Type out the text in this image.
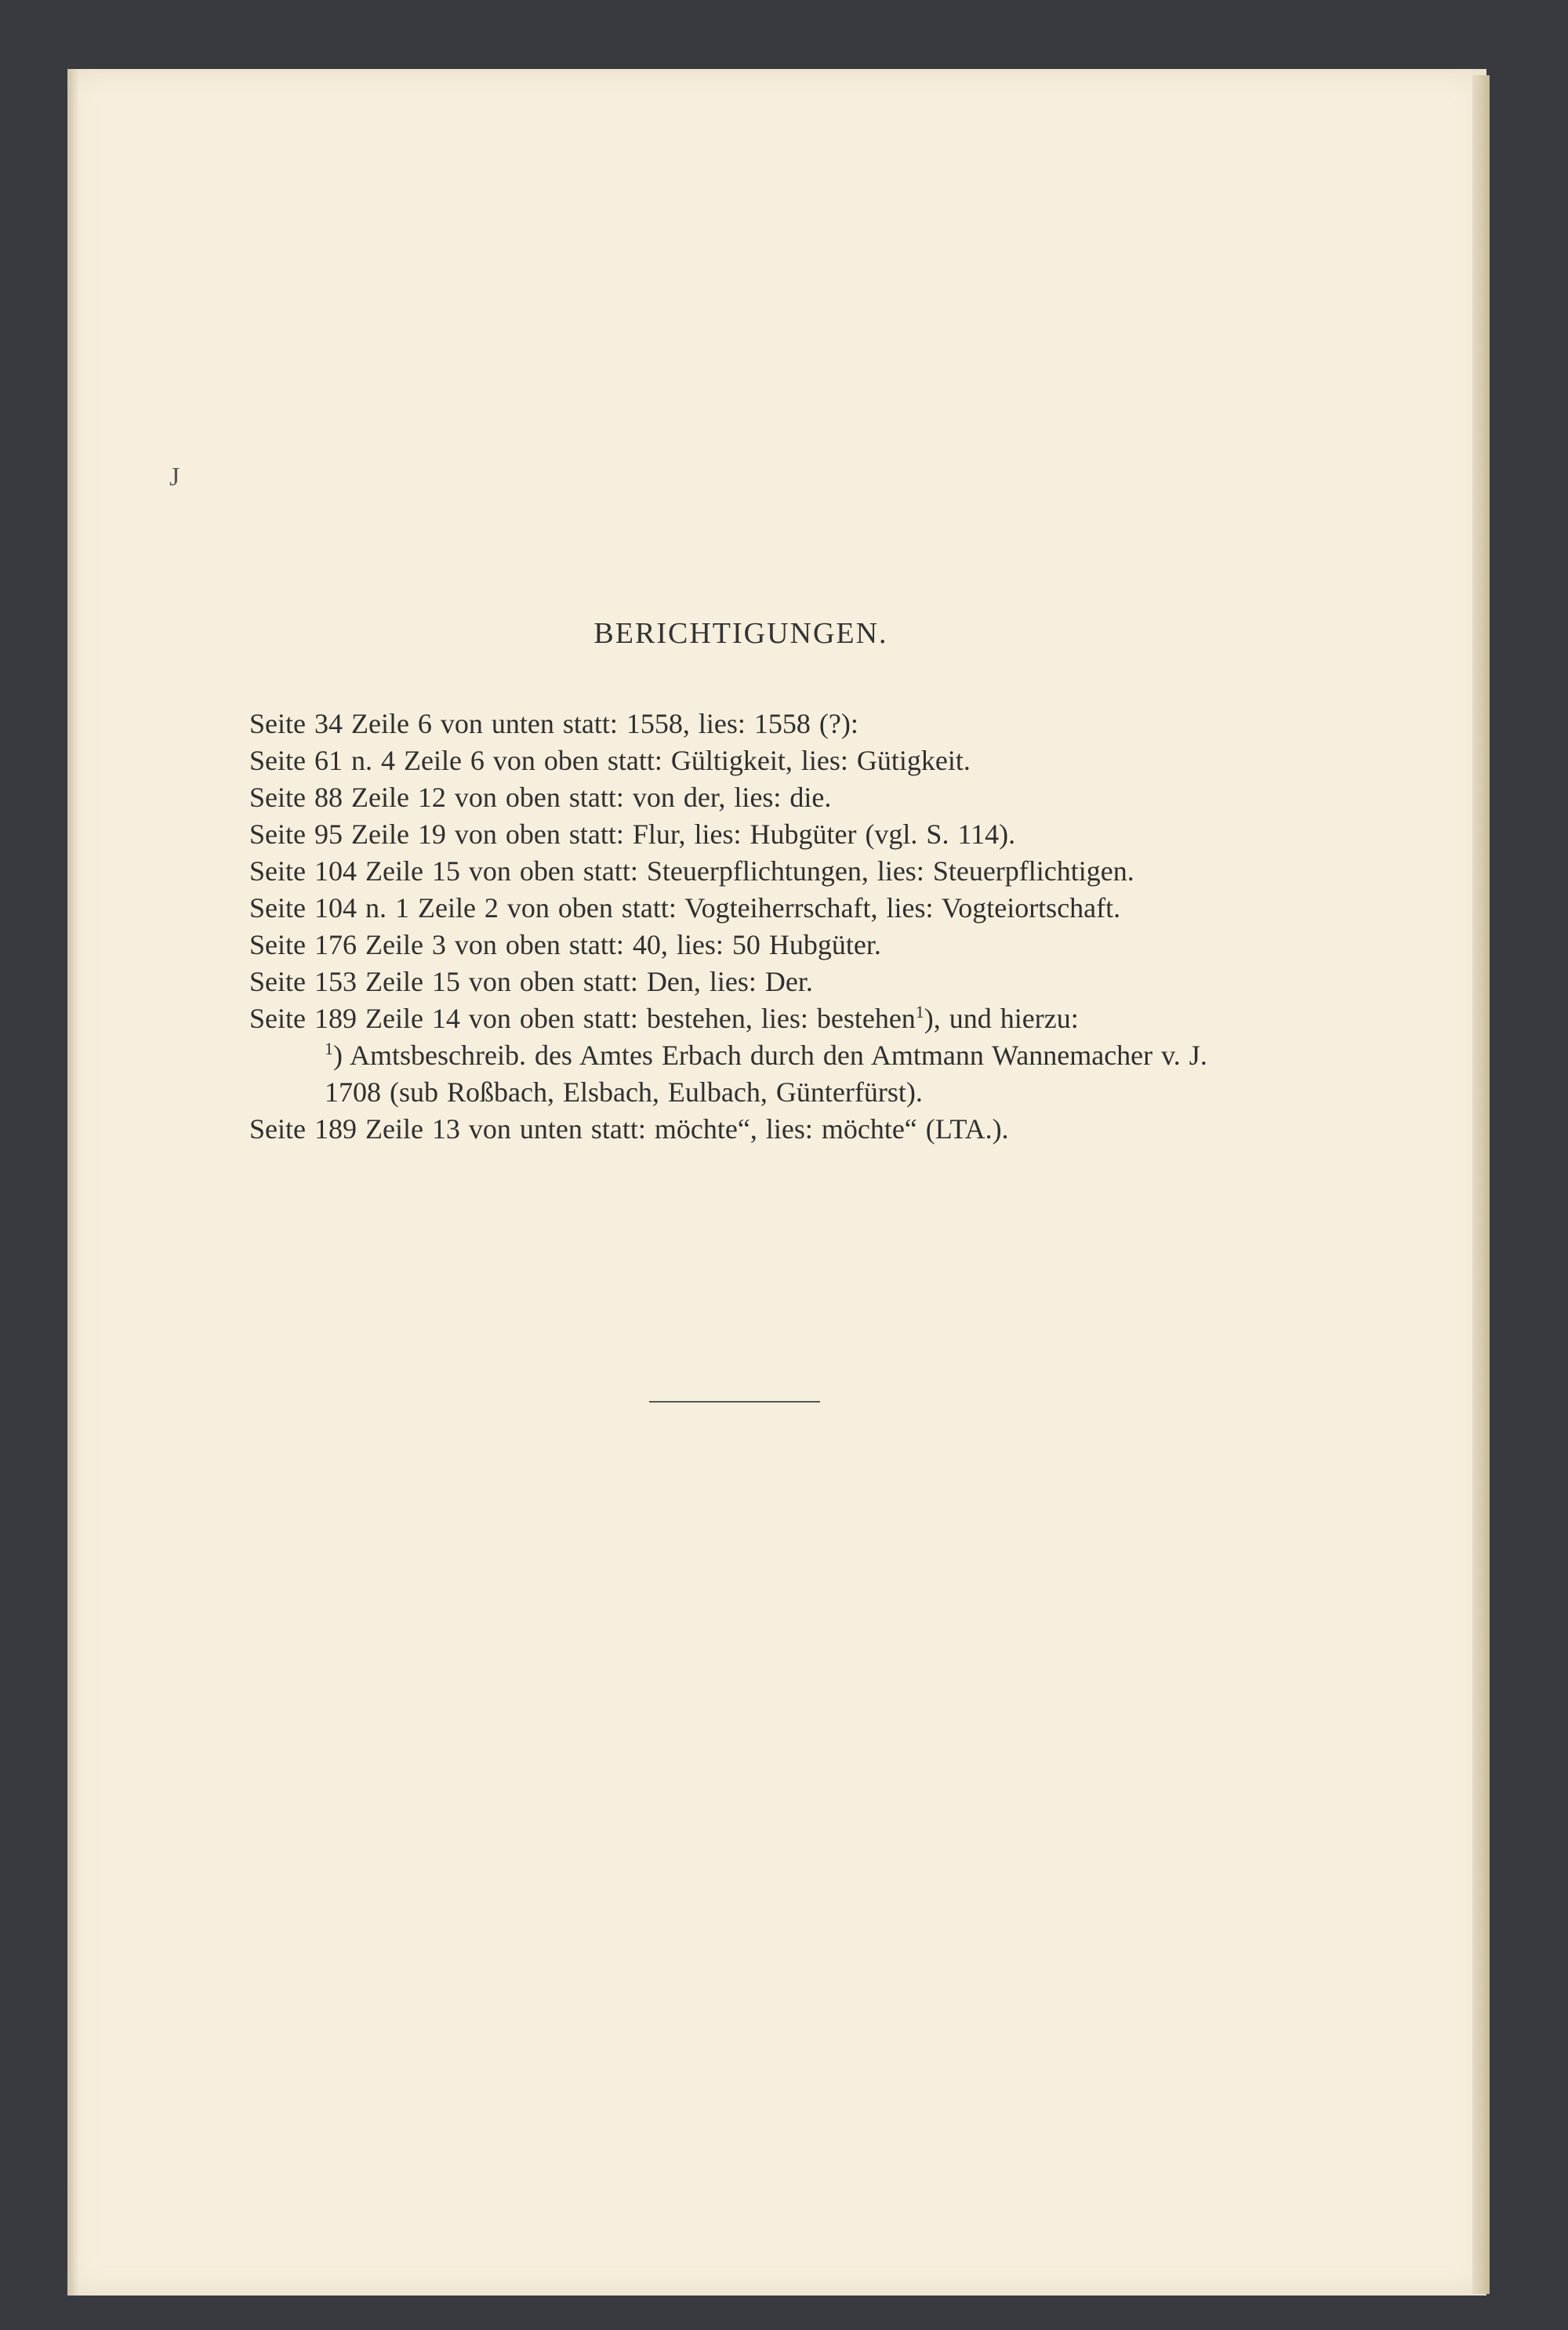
J
BERICHTIGUNGEN.
Seite 34 Zeile 6 von unten statt: 1558, lies: 1558 (?):
Seite 61 n. 4 Zeile 6 von oben statt: Gültigkeit, lies: Gütigkeit.
Seite 88 Zeile 12 von oben statt: von der, lies: die.
Seite 95 Zeile 19 von oben statt: Flur, lies: Hubgüter (vgl. S. 114).
Seite 104 Zeile 15 von oben statt: Steuerpflichtungen, lies: Steuerpflichtigen.
Seite 104 n. 1 Zeile 2 von oben statt: Vogteiherrschaft, lies: Vogteiortschaft.
Seite 176 Zeile 3 von oben statt: 40, lies: 50 Hubgüter.
Seite 153 Zeile 15 von oben statt: Den, lies: Der.
Seite 189 Zeile 14 von oben statt: bestehen, lies: bestehen$^1$), und hierzu:
$^1$) Amtsbeschreib. des Amtes Erbach durch den Amtmann Wannemacher v. J. 1708 (sub Roßbach, Elsbach, Eulbach, Günterfürst).
Seite 189 Zeile 13 von unten statt: möchte“, lies: möchte“ (LTA.).
